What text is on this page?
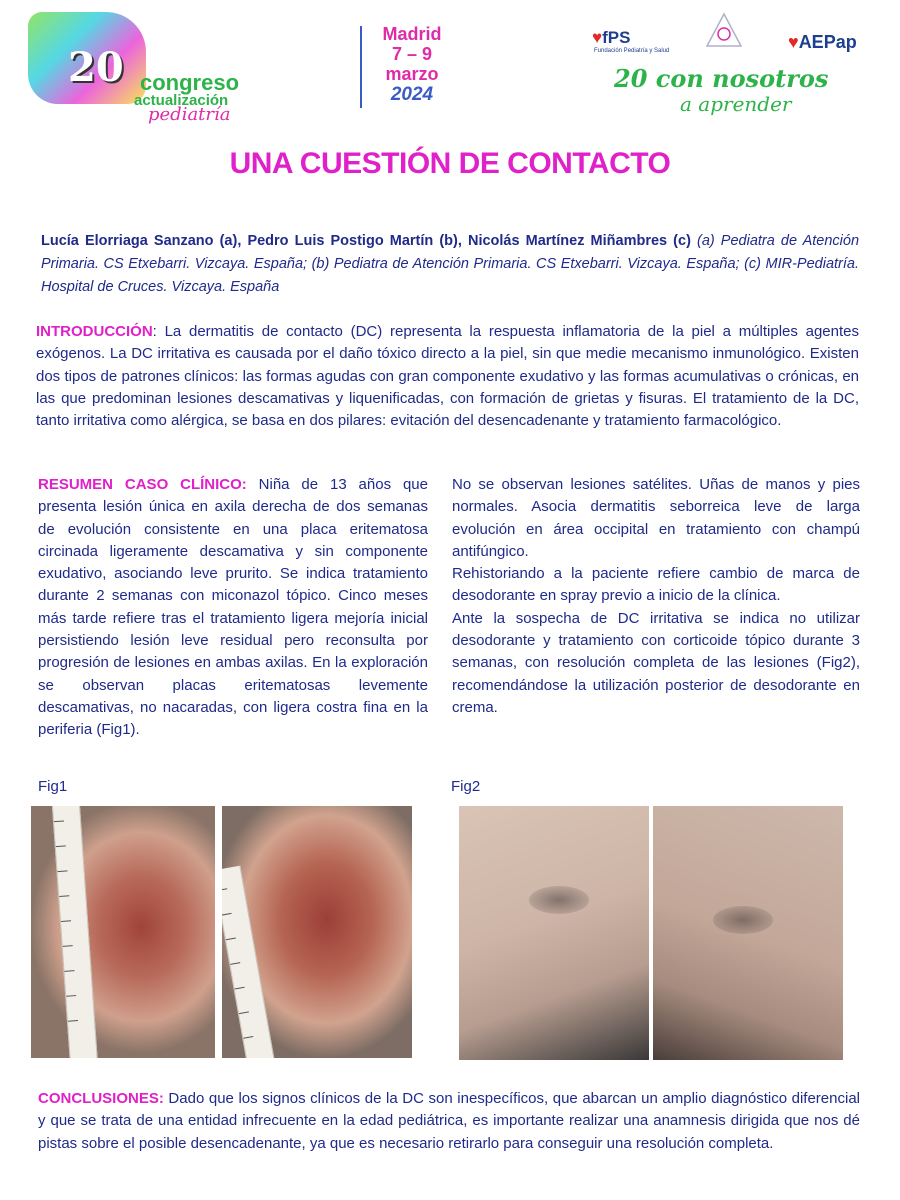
20 congreso
actualización
pediatría
Madrid
7 – 9
marzo
2024
♥fPS
Fundación Pediatría y Salud	♥AEPap
20 con nosotros
a aprender
UNA CUESTIÓN DE CONTACTO
Lucía Elorriaga Sanzano (a), Pedro Luis Postigo Martín (b), Nicolás Martínez Miñambres (c) (a) Pediatra de Atención Primaria. CS Etxebarri. Vizcaya. España; (b) Pediatra de Atención Primaria. CS Etxebarri. Vizcaya. España; (c) MIR-Pediatría. Hospital de Cruces. Vizcaya. España
INTRODUCCIÓN: La dermatitis de contacto (DC) representa la respuesta inflamatoria de la piel a múltiples agentes exógenos. La DC irritativa es causada por el daño tóxico directo a la piel, sin que medie mecanismo inmunológico. Existen dos tipos de patrones clínicos: las formas agudas con gran componente exudativo y las formas acumulativas o crónicas, en las que predominan lesiones descamativas y liquenificadas, con formación de grietas y fisuras. El tratamiento de la DC, tanto irritativa como alérgica, se basa en dos pilares: evitación del desencadenante y tratamiento farmacológico.
RESUMEN CASO CLÍNICO: Niña de 13 años que presenta lesión única en axila derecha de dos semanas de evolución consistente en una placa eritematosa circinada ligeramente descamativa y sin componente exudativo, asociando leve prurito. Se indica tratamiento durante 2 semanas con miconazol tópico. Cinco meses más tarde refiere tras el tratamiento ligera mejoría inicial persistiendo lesión leve residual pero reconsulta por progresión de lesiones en ambas axilas. En la exploración se observan placas eritematosas levemente descamativas, no nacaradas, con ligera costra fina en la periferia (Fig1).

No se observan lesiones satélites. Uñas de manos y pies normales. Asocia dermatitis seborreica leve de larga evolución en área occipital en tratamiento con champú antifúngico.

Rehistoriando a la paciente refiere cambio de marca de desodorante en spray previo a inicio de la clínica.

Ante la sospecha de DC irritativa se indica no utilizar desodorante y tratamiento con corticoide tópico durante 3 semanas, con resolución completa de las lesiones (Fig2), recomendándose la utilización posterior de desodorante en crema.

Fig1	Fig2
CONCLUSIONES: Dado que los signos clínicos de la DC son inespecíficos, que abarcan un amplio diagnóstico diferencial y que se trata de una entidad infrecuente en la edad pediátrica, es importante realizar una anamnesis dirigida que nos dé pistas sobre el posible desencadenante, ya que es necesario retirarlo para conseguir una resolución completa.
